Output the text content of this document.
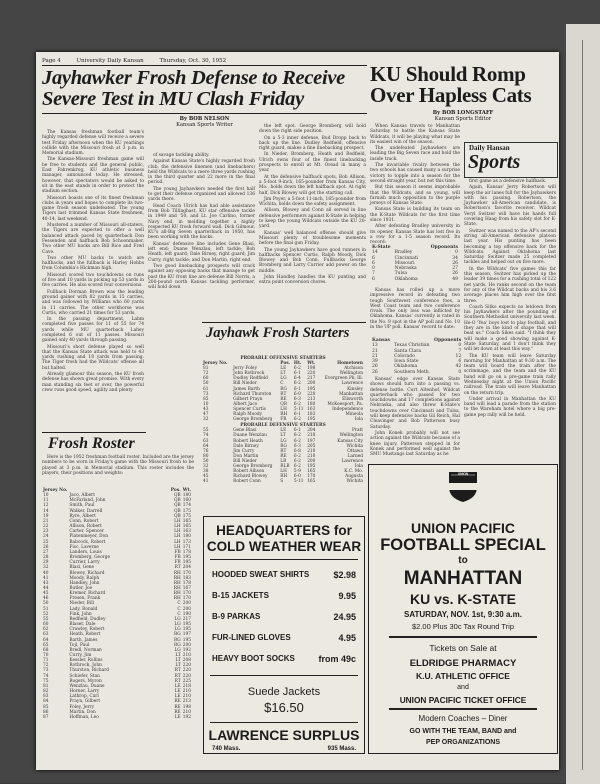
Page 4	University Daily Kansan	Thursday, Oct. 30, 1952
Jayhawker Frosh Defense to Receive Severe Test in MU Clash Friday
By BOB NELSON
Kansan Sports Writer

The Kansas freshman football team's highly regarded defense will receive a severe test Friday afternoon when the KU yearlings collide with the Missouri frosh at 3 p.m. in Memorial stadium.

The Kansas-Missouri freshman game will be free to students and the general public, East Fahrenkrog, KU athletic business manager, announced today. He stressed, however, that spectators would be asked to sit in the east stands in order to protect the stadium section.

Missouri boasts one of its finest freshman clubs in years and hopes to complete its two-game frosh season undefeated. The young Tigers last trimmed Kansas State freshmen, 40-14, last weekend.

Mustered a number of Missouri all-staters, the Tigers are expected to offer a well balanced attack paced by quarterback Don Fessenden and halfback Bob Schoonmaker. Two other MU backs are Bill Rice and Fred Cave.

Two other MU backs to watch are halfbacks, and the fullback is Harley Hobbs from Columbia's Hickman high.

Missouri scored two touchdowns on runs of five and 10 yards in picking up 53 yards in five carries. He also scored four conversions.

Fullback Dorman Brown was the leading ground gainer with 82 yards in 15 carries, and was followed by Williams who 60 yards in 11 carries. The other workhorse was Curtis, who carried 21 times for 53 yards.

In the passing department, Lahm completed five passes for 11 of 55 for 74 yards while MU quarterback Lahey completed 6 out of 11 passes. Missouri gained only 40 yards through passing.

Missouri's short defense played so well that the Kansas State attack was held to 43 yards rushing and 18 yards from passing. The Tiger frosh had the Wildcats' offense all but halted.

Already glamour this season, the KU frosh defense has shown great promise. With every man standing six feet or over, the powerful crew runs good speed, agility and plenty

of savage tackling ability.

Against Kansas State's highly regarded frosh club, the defensive linemen (and linebackers) held the Wildcats to a mere three yards rushing in the third quarter and 22 more in the final period.

The young Jayhawkers needed the first half to get their defense organized and allowed 136 yards there.

Head Coach Ulrich has had able assistance from Bob Tillinghast, KU star offensive tackle in 1949 and '50, and Lt. Joe Carlino, former Navy end, in molding together a highly respected KU frosh forward wall. Dick Gilmour, KU's all-Big Seven quarterback in 1950, has been working with the backs.

Kansas' defensive line includes Gene Blasi, left end; Duane Wenzlau, left tackle; Bob Heath, left guard; Dale Birney, right guard; Jim Curry, right tackle; and Don Martin, right end.

Two good linebacking prospects will crack against any opposing backs that manage to get past the KU front line are defense Bill Norris, a 200-pound north Kansas tackling performer, will hold down

the left spot. George Bromberg will hold down the right side position.

On a 5-3 inner defense, Bud Dropp back to back up the line. Dudley Redfield, offensive right guard, makes a fine linebacking prospect.

In Nieder, Bromberg, Heath and Redfield, Ulrich owns four of the finest linebacking prospects to enroll at Mt. Oread in many a year.

At the defensive halfback spots, Bob Allison, a 5-foot 9-inch, 165-pounder from Kansas City, Mo., holds down the left halfback spot. At right half, Dick Blowey will get the starting call.

Jim Poyer, a 5-foot 11-inch, 165-pounder from Wichita, holds down the safety assignment.

Allison, Blowey and Conn all served in line defensive performers against K-State in helping to keep the young Wildcats outside the KU 20-yard.

Kansas' well balanced offense should give Missouri plenty of troublesome moments before the final gun Friday.

The young Jayhawkers have good runners in halfbacks Spencer Curtis, Ralph Moody, Dick Blowey and Bob Conn. Fullbacks George Bromberg and Larry Currier add power on the middle.

John Handley handles the KU punting and extra point conversion chores.

Frosh Roster

Here is the 1952 freshman football roster. Included are the jersey numbers to be worn in Friday's game with the Missouri frosh to be played at 3 p.m. in Memorial stadium. This roster includes the players, their positions and weights:

Jersey No.		Pos.	Wt.
10	Jaco, Albert	QB	180
11	McFarland, John	QB	160
12	Smith, Paul	QB	174
14	Walker, Darrell	QB	175
19	Ryre, Albert	QB	175
21	Conn, Robert	LH	165
22	Allison, Robert	LH	165
23	Carter, Spencer	LH	163
24	Platenmeyer, Don	LH	180
25	Babcock, Robert	LH	173
26	Fisc, Laverne	LH	171
27	Landers, Louis	FB	178
28	Bromberg, George	FB	195
29	Currier, Larry	FB	195
32	Blasi, Gene	RT	204
40	Blowey, Richard	RH	170
41	Moody, Ralph	RH	183
43	Handley, John	RH	178
44	Butler, Joe	RH	167
45	Kremer, Richard	RH	170
46	Fresen, Frank	RH	170
50	Nieder, Bill	C	200
51	Lady, Ronald	C	200
52	Fink, John	C	190
55	Redfield, Dudley	LG	217
60	Blaser, Dale	LG	195
62	Crawley, Robert	LG	195
63	Heath, Robert	RG	197
64	Barth, James	RG	195
65	Toji, Paul	RG	200
68	Bredl, Norman	LG	192
70	Curry, Jim	LT	210
71	Kessler, Rollins	LT	208
72	Rothrock, John	LT	220
73	Thurston, Richard	RT	220
74	Schiefer, Stan	RT	220
75	Rogers, Myron	RT	225
81	Wenzlau, Duane	LE	218
82	Horner, Larry	LE	210
83	Lathrop, Carl	LE	210
84	Prayn, Gilbert	RE	213
85	Foley, Jerry	RE	198
86	Martin, Don	RE	210
87	Hoffman, Leo	LE	192
Jayhawk Frosh Starters
PROBABLE OFFENSIVE STARTERS					
Jersey No.		Pos.	Ht.	Wt.	Hometown
81	Jerry Foley	LE	6-2	198	Atchison
72	John Rothrock	LT	6-1	220	Wellington
60	Dudley Redfield	LG	6-4	217	Evergreen Pk, Ill.
50	Bill Nieder	C	6-2	200	Lawrence
61	James Barth	RG	6-1	195	Kinsley
73	Richard Thurston	RT	6-0	220	Manhattan
85	Gilbert Prayn	RE	6-3	213	Ellsworth
10	Albert Jaco	QB	6-2	180	McKeesport, Pa.
43	Spencer Curtis	LH	5-11	163	Independence
47	Ralph Moody	RH	6-1	183	Mineola
32	George Bromberg	FB	6-2	195	Iola
PROBABLE DEFENSIVE STARTERS					
55	Gene Blasi	LE	6-1	204	Pratt
74	Duane Wenzlau	LT	6-2	218	Wellington
63	Robert Heath	LG	6-2	197	Kansas City
64	Dale Birney	RG	6-3	205	Wichita
76	Jim Curry	RT	6-8	210	Ottawa
80	Don Martin	RE	6-2	210	Larned
50	Bill Nieder	LB	6-2	200	Lawrence
32	George Bromberg	RLB	6-2	195	Iola
38	Robert Allison	LH	5-9	165	K.C. Mo.
45	Richard Blowey	RH	6-0	170	Augusta
41	Robert Conn	S	5-11	165	Wichita
KU Should Romp Over Hapless Cats
By BOB LONGSTAFF
Kansan Sports Editor

When Kansas travels to Manhattan Saturday to battle the Kansas State Wildcats, it will be playing what may be its easiest win of the season.

The undefeated Jayhawkers are leading the Big Seven race and hold the inside track.

The invariable rivalry between the two schools has caused many a surprise victory to topple into a season for the second straight year, but not this time.

But this season it seems improbable that the Wildcats, and so young, will furnish much opposition to the purple jerseys of Kansas State.

Kansas State is building its team on the K-State Wildcats for the first time since 1931.

After defeating Bradley university in its opener, Kansas State has lost five in a row for a 1-5 season record. Its record:

K-State		Opponents
14	Bradley	0
6	Cincinnati	34
6	Missouri	26
0	Nebraska	27
7	Tulsa	26
6	Oklahoma	49

Kansas has rolled up a more impressive record in defeating two tough Southwest conference foes, a West Coast team and two conference rivals. The only loss was inflicted by Oklahoma. Kansas' currently is rated in the No. 9 spot in the AP poll and No. 10 in the UP poll. Kansas' record to date:

Kansas		Opponents
13	Texas Christian	0
21	Santa Clara	7
21	Colorado	12
39	Iowa State	6
26	Oklahoma	42
26	Southern Meth.	0

Kansas' edge over Kansas State shows should turn into a passing vs. defense battle. Curt Altenhof, Wildcat quarterback who passed for two touchdowns and 17 completions against Nebraska, and also threw K-State's touchdowns over Cincinnati and Tulsa, will keep defensive backs Gil Reich, Hal Cleavinger and Bob Patterson busy Saturday.

John Konek probably will not see action against the Wildcats because of a knee injury. Patterson stepped in for Konek and performed well against the SMU Mustangs last Saturday as he

Daily Hansan
Sports

first game as a defensive halfback.

Again, Kansas' Jerry Robertson will keep the air lanes full for the Jayhawkers with his passing. Robertson, the Jayhawker all-American candidate, is Robertson's favorite receiver. Wildcat Veryl Switzer will have his hands full covering Haag from his safety slot for K-State.

Switzer was named to the AP's second string all-American defensive platoon last year. His punting has been becoming a top offensive back for the Wildcats. Against Oklahoma last Saturday Switzer made 25 completed tackles and helped out on five more.

In the Wildcats' five games this far this season, Switzer has picked up the leader 39 times for a rushing total of 122 net yards. He ranks second on the team for any of the Wildcat backs and his 3.6 average places him high over the first three.

Coach Sitko expects no letdown from his Jayhawkers after the pounding of Southern Methodist university last week. He-O 'Yea' boys lost to play football, and they are in the kind of shape that will beat us." Coach Sikes said. "I think they will make a good showing against K-State Saturday, and I don't think they will let down at least this way."

The KU team will leave Saturday morning for Manhattan at 9:30 a.m. The team will board the train after the scrimmage, and the team and the KU band will go on a pre-game train rally Wednesday night at the Union Pacific railroad. The train will leave Manhattan on the return trip.

Under arrival in Manhattan the KU band will lead a parade from the station to the Wareham hotel where a big pre-game pep rally will be held.

HEADQUARTERS for
COLD WEATHER WEAR
HOODED SWEAT SHIRTS	$2.98
B-15 JACKETS	9.95
B-9 PARKAS	24.95
FUR-LINED GLOVES	4.95
HEAVY BOOT SOCKS	from 49c
Suede Jackets
$16.50
LAWRENCE SURPLUS
740 Mass.	935 Mass.
UNION
PACIFIC
RAILROAD
UNION PACIFIC
FOOTBALL SPECIAL
to
MANHATTAN
KU vs. K-STATE
SATURDAY, NOV. 1st, 9:30 a.m.
$2.00 Plus 30c Tax Round Trip
Tickets on Sale at
ELDRIDGE PHARMACY
K.U. ATHLETIC OFFICE
and
UNION PACIFIC TICKET OFFICE
Modern Coaches – Diner
GO WITH THE TEAM, BAND and
PEP ORGANIZATIONS
